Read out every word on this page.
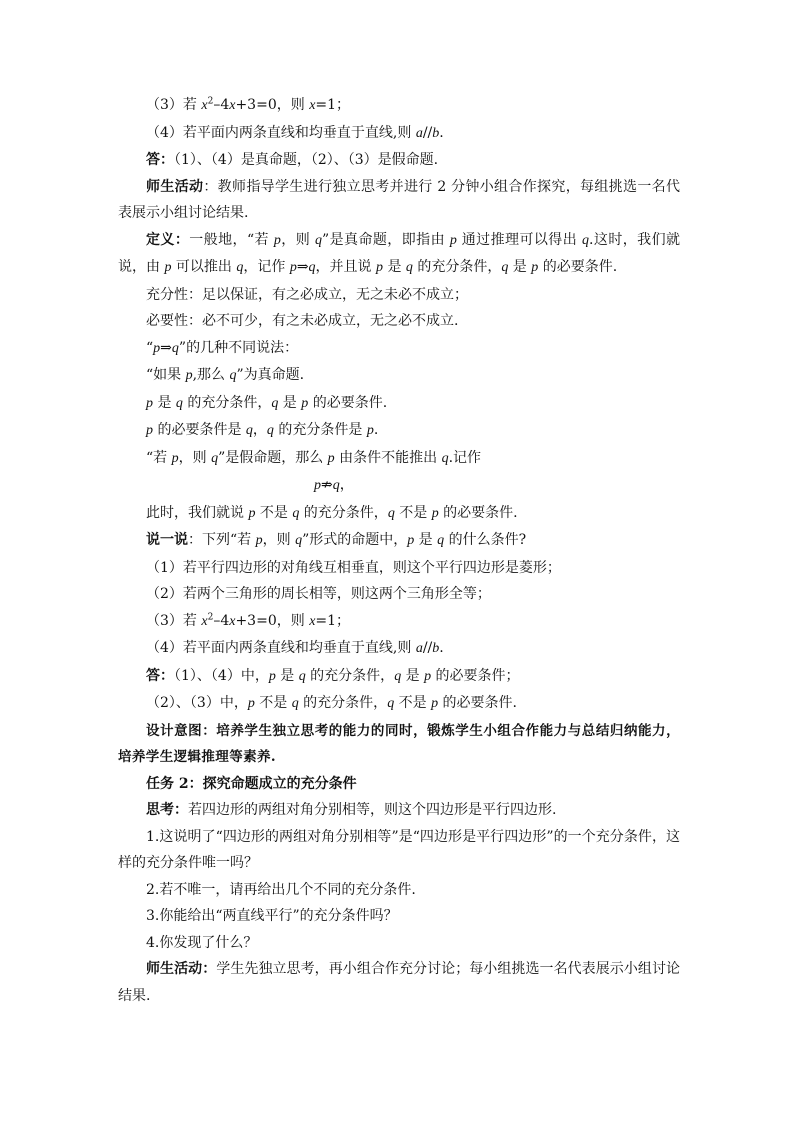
（3）若 $x^2-4x+3=0$，则 x=1；

（4）若平面内两条直线和均垂直于直线,则 a//b.

答：（1）、（4）是真命题，（2）、（3）是假命题.

师生活动：教师指导学生进行独立思考并进行 2 分钟小组合作探究，每组挑选一名代表展示小组讨论结果.

定义：一般地，“若 p，则 q”是真命题，即指由 p 通过推理可以得出 q.这时，我们就说，由 p 可以推出 q，记作 p⇒q，并且说 p 是 q 的充分条件，q 是 p 的必要条件.

充分性：足以保证，有之必成立，无之未必不成立；

必要性：必不可少，有之未必成立，无之必不成立.

“p⇒q”的几种不同说法：

“如果 p,那么 q”为真命题.

p 是 q 的充分条件，q 是 p 的必要条件.

p 的必要条件是 q，q 的充分条件是 p.

“若 p，则 q”是假命题，那么 p 由条件不能推出 q.记作

p⇏q，

此时，我们就说 p 不是 q 的充分条件，q 不是 p 的必要条件.

说一说：下列“若 p，则 q”形式的命题中，p 是 q 的什么条件?

（1）若平行四边形的对角线互相垂直，则这个平行四边形是菱形；

（2）若两个三角形的周长相等，则这两个三角形全等；

（3）若 $x^2-4x+3=0$，则 x=1；

（4）若平面内两条直线和均垂直于直线,则 a//b.

答：（1）、（4）中，p 是 q 的充分条件，q 是 p 的必要条件；

（2）、（3）中，p 不是 q 的充分条件，q 不是 p 的必要条件.

设计意图：培养学生独立思考的能力的同时，锻炼学生小组合作能力与总结归纳能力，培养学生逻辑推理等素养.

任务 2：探究命题成立的充分条件

思考：若四边形的两组对角分别相等，则这个四边形是平行四边形.

1.这说明了“四边形的两组对角分别相等”是“四边形是平行四边形”的一个充分条件，这样的充分条件唯一吗？

2.若不唯一，请再给出几个不同的充分条件.

3.你能给出“两直线平行”的充分条件吗？

4.你发现了什么？

师生活动：学生先独立思考，再小组合作充分讨论；每小组挑选一名代表展示小组讨论结果.
